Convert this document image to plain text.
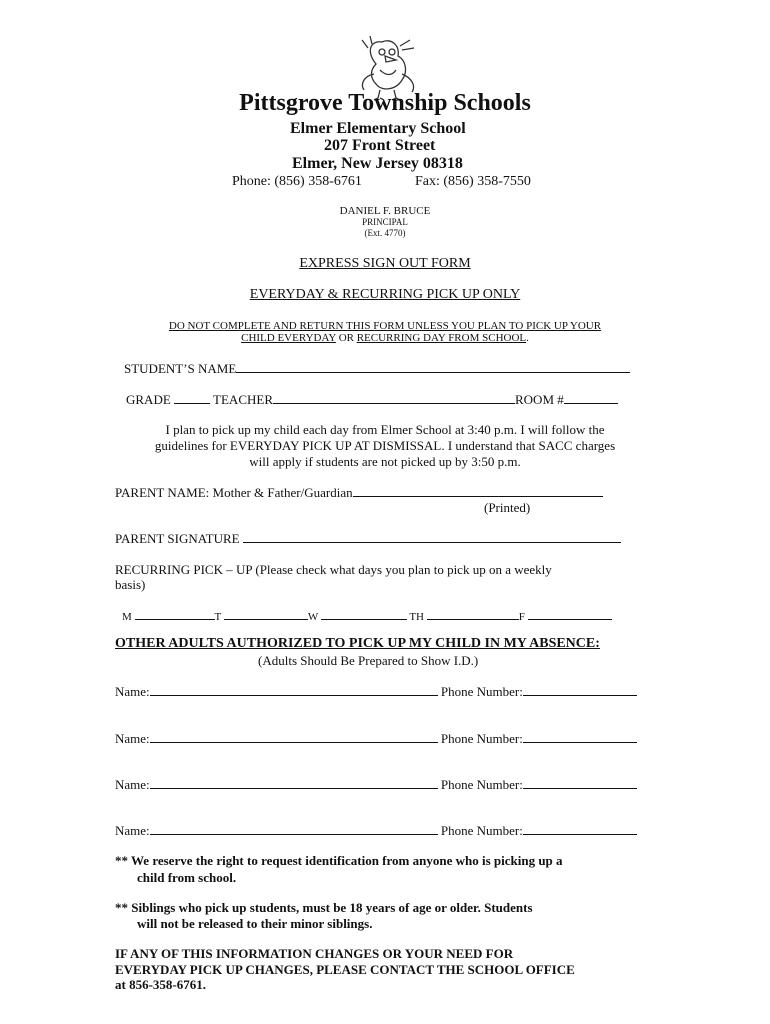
Pittsgrove Township Schools
Elmer Elementary School
207 Front Street
Elmer, New Jersey 08318
Phone: (856) 358-6761	Fax: (856) 358-7550
DANIEL F. BRUCE
PRINCIPAL
(Ext. 4770)
EXPRESS SIGN OUT FORM
EVERYDAY & RECURRING PICK UP ONLY
DO NOT COMPLETE AND RETURN THIS FORM UNLESS YOU PLAN TO PICK UP YOUR
CHILD EVERYDAY OR RECURRING DAY FROM SCHOOL.
STUDENT’S NAME
GRADE	TEACHER	ROOM #
I plan to pick up my child each day from Elmer School at 3:40 p.m. I will follow the
guidelines for EVERYDAY PICK UP AT DISMISSAL. I understand that SACC charges
will apply if students are not picked up by 3:50 p.m.
PARENT NAME: Mother & Father/Guardian
(Printed)
PARENT SIGNATURE
RECURRING PICK – UP (Please check what days you plan to pick up on a weekly
basis)
M	T	W	TH	F
OTHER ADULTS AUTHORIZED TO PICK UP MY CHILD IN MY ABSENCE:
(Adults Should Be Prepared to Show I.D.)
Name:	Phone Number:
Name:	Phone Number:
Name:	Phone Number:
Name:	Phone Number:
** We reserve the right to request identification from anyone who is picking up a
child from school.
** Siblings who pick up students, must be 18 years of age or older. Students
will not be released to their minor siblings.
IF ANY OF THIS INFORMATION CHANGES OR YOUR NEED FOR
EVERYDAY PICK UP CHANGES, PLEASE CONTACT THE SCHOOL OFFICE
at 856-358-6761.
